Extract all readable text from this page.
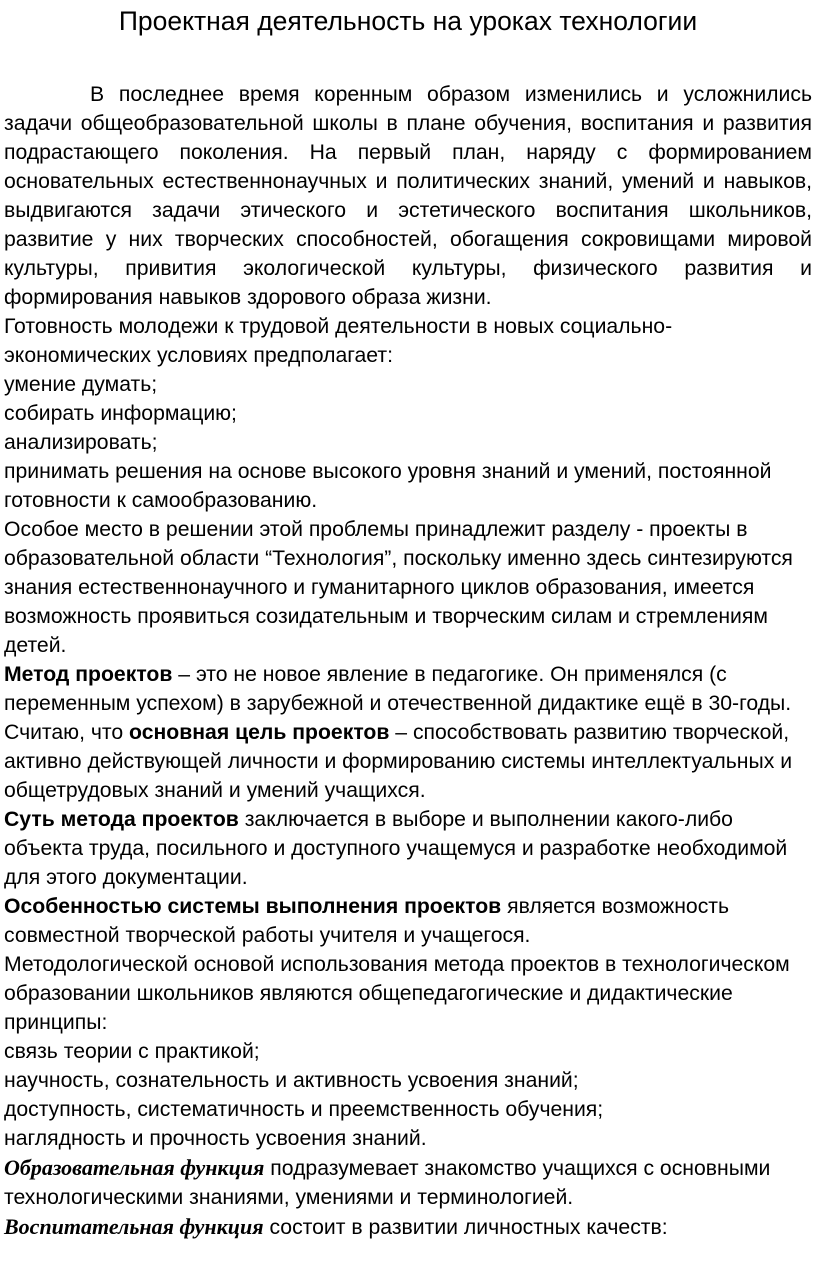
Проектная деятельность на уроках технологии

В последнее время коренным образом изменились и усложнились задачи общеобразовательной школы в плане обучения, воспитания и развития подрастающего поколения. На первый план, наряду с формированием основательных естественнонаучных и политических знаний, умений и навыков, выдвигаются задачи этического и эстетического воспитания школьников, развитие у них творческих способностей, обогащения сокровищами мировой культуры, привития экологической культуры, физического развития и формирования навыков здорового образа жизни.

Готовность молодежи к трудовой деятельности в новых социально-экономических условиях предполагает:

умение думать;

собирать информацию;

анализировать;

принимать решения на основе высокого уровня знаний и умений, постоянной готовности к самообразованию.

Особое место в решении этой проблемы принадлежит разделу - проекты в образовательной области “Технология”, поскольку именно здесь синтезируются знания естественнонаучного и гуманитарного циклов образования, имеется возможность проявиться созидательным и творческим силам и стремлениям детей.

Метод проектов – это не новое явление в педагогике. Он применялся (с переменным успехом) в зарубежной и отечественной дидактике ещё в 30-годы.

Считаю, что основная цель проектов – способствовать развитию творческой, активно действующей личности и формированию системы интеллектуальных и общетрудовых знаний и умений учащихся.

Суть метода проектов заключается в выборе и выполнении какого-либо объекта труда, посильного и доступного учащемуся и разработке необходимой для этого документации.

Особенностью системы выполнения проектов является возможность совместной творческой работы учителя и учащегося.

Методологической основой использования метода проектов в технологическом образовании школьников являются общепедагогические и дидактические принципы:

связь теории с практикой;

научность, сознательность и активность усвоения знаний;

доступность, систематичность и преемственность обучения;

наглядность и прочность усвоения знаний.

Образовательная функция подразумевает знакомство учащихся с основными технологическими знаниями, умениями и терминологией.

Воспитательная функция состоит в развитии личностных качеств:
